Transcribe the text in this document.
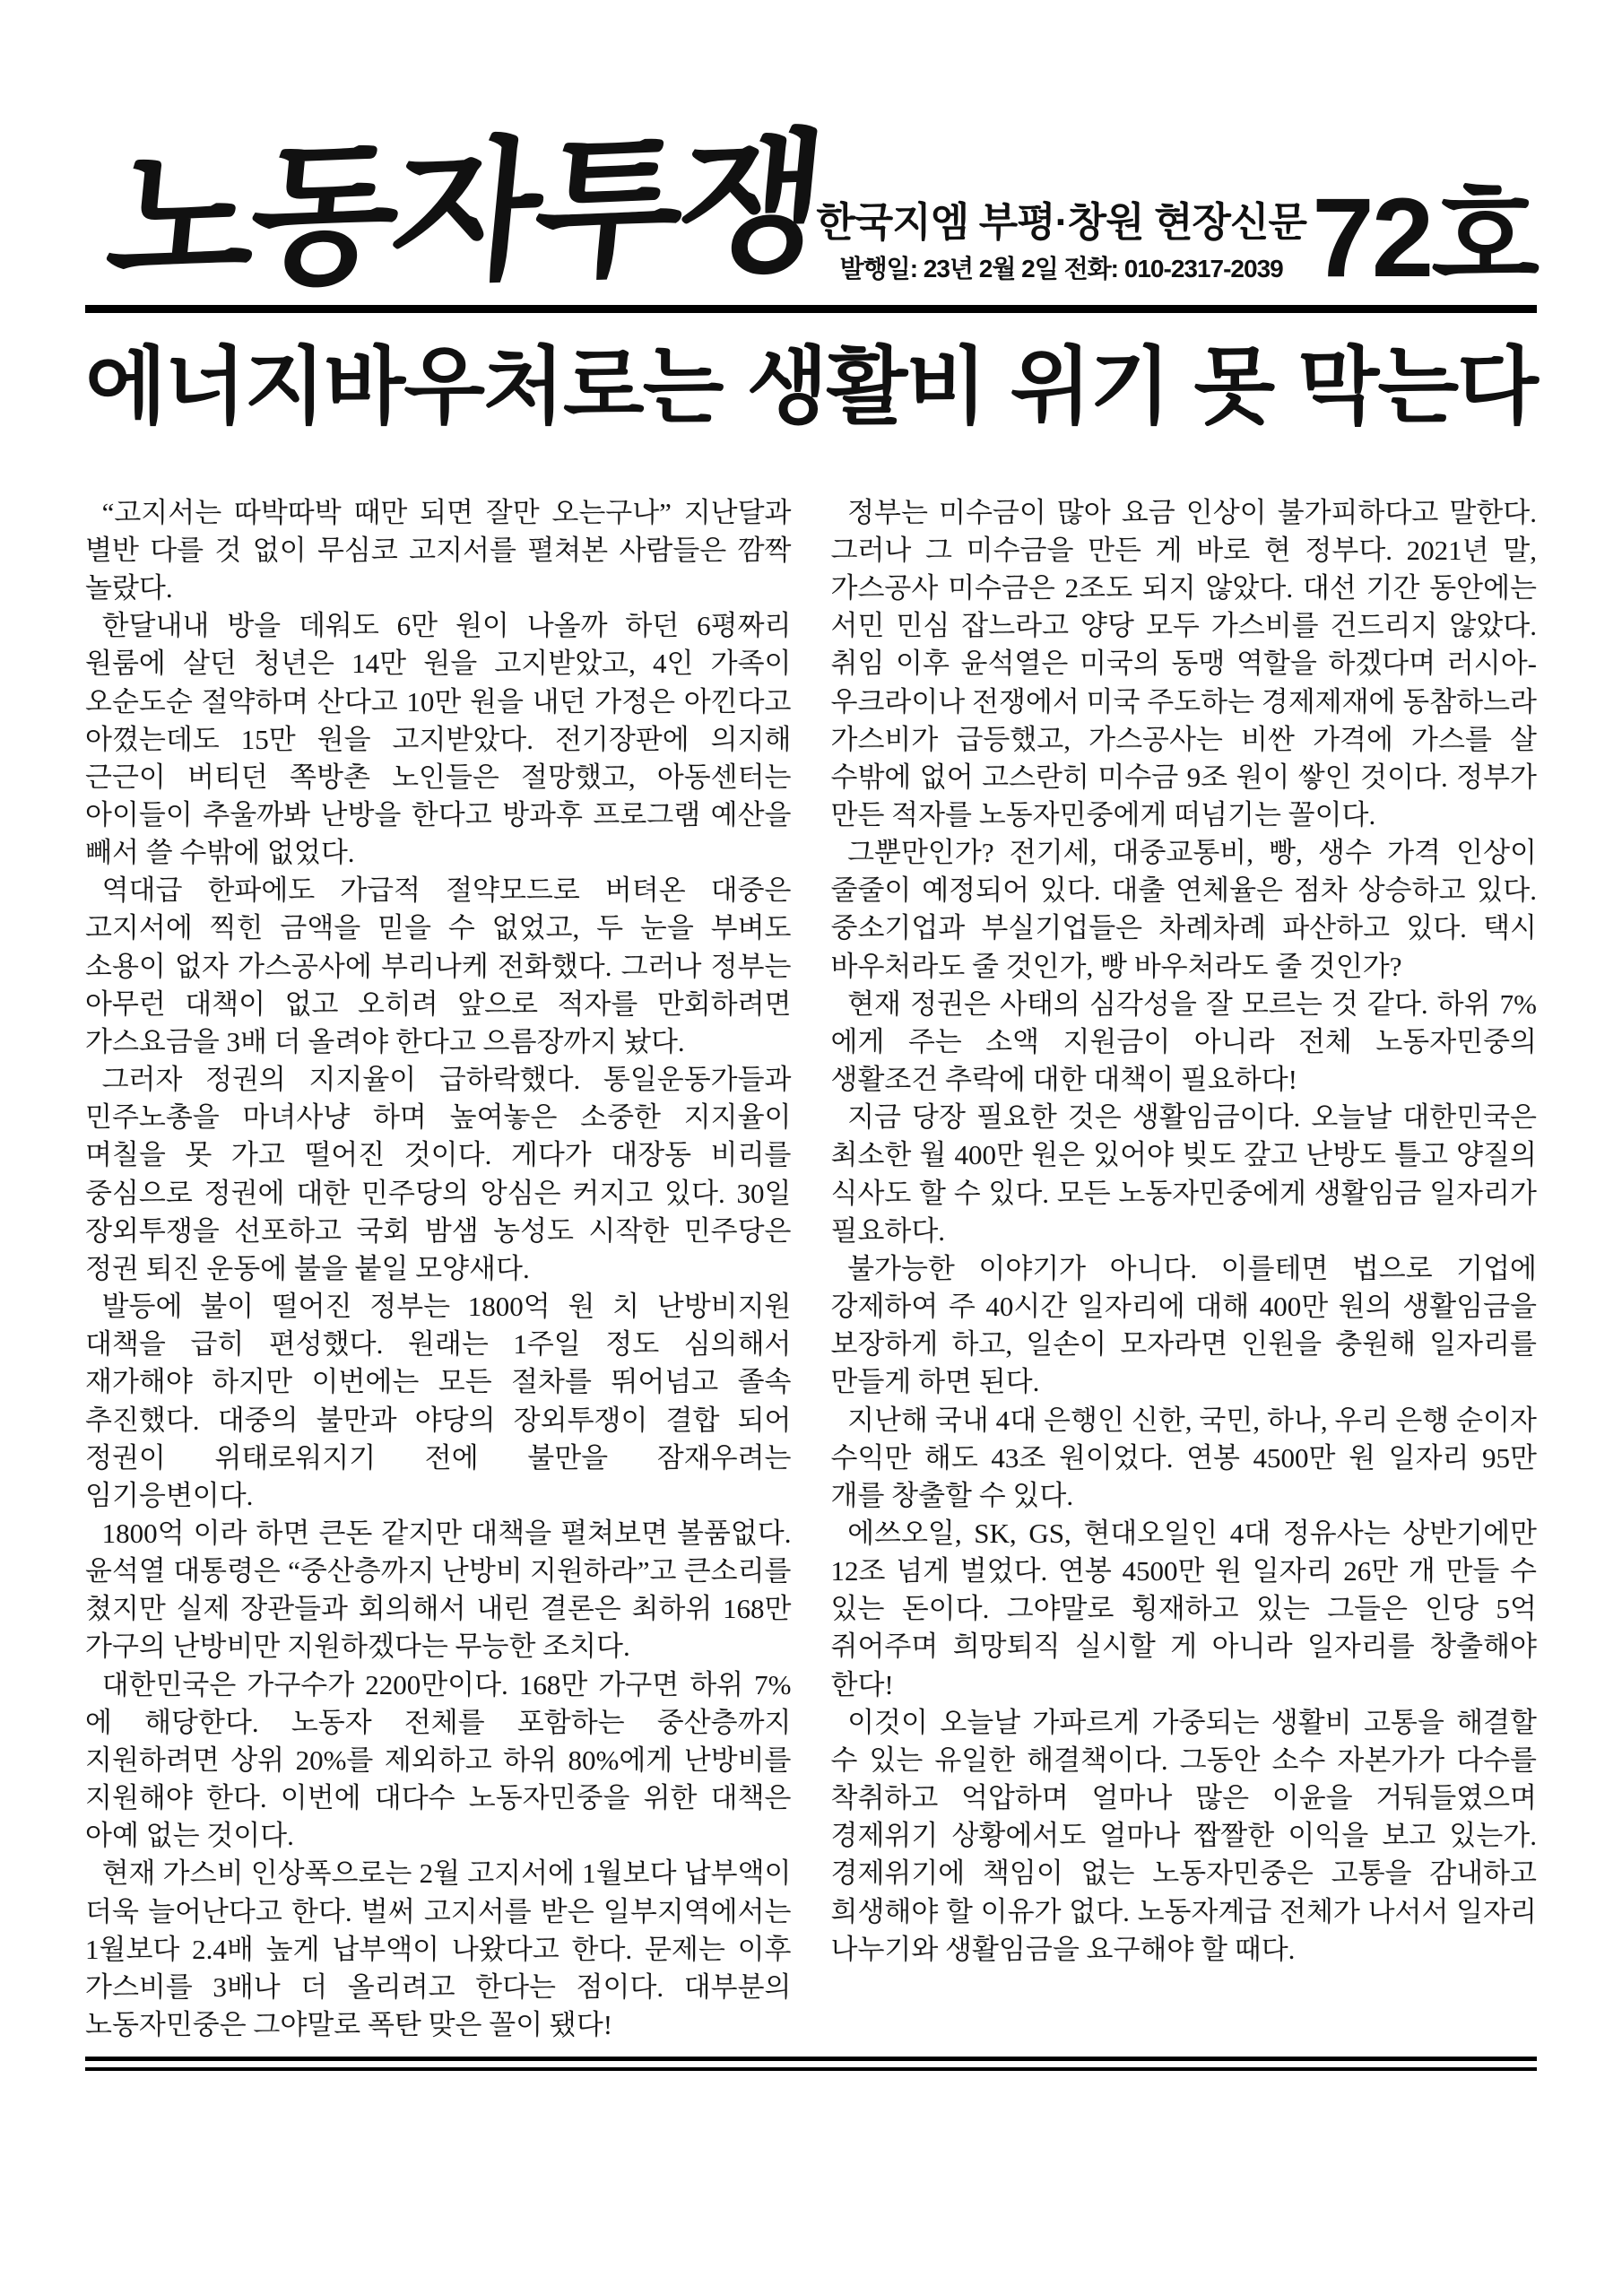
노동자투쟁
한국지엠 부평·창원 현장신문
발행일: 23년 2월 2일 전화: 010-2317-2039 72호
에너지바우처로는 생활비 위기 못 막는다

“고지서는 따박따박 때만 되면 잘만 오는구나” 지난달과 별반 다를 것 없이 무심코 고지서를 펼쳐본 사람들은 깜짝 놀랐다.

한달내내 방을 데워도 6만 원이 나올까 하던 6평짜리 원룸에 살던 청년은 14만 원을 고지받았고, 4인 가족이 오순도순 절약하며 산다고 10만 원을 내던 가정은 아낀다고 아꼈는데도 15만 원을 고지받았다. 전기장판에 의지해 근근이 버티던 쪽방촌 노인들은 절망했고, 아동센터는 아이들이 추울까봐 난방을 한다고 방과후 프로그램 예산을 빼서 쓸 수밖에 없었다.

역대급 한파에도 가급적 절약모드로 버텨온 대중은 고지서에 찍힌 금액을 믿을 수 없었고, 두 눈을 부벼도 소용이 없자 가스공사에 부리나케 전화했다. 그러나 정부는 아무런 대책이 없고 오히려 앞으로 적자를 만회하려면 가스요금을 3배 더 올려야 한다고 으름장까지 놨다.

그러자 정권의 지지율이 급하락했다. 통일운동가들과 민주노총을 마녀사냥 하며 높여놓은 소중한 지지율이 며칠을 못 가고 떨어진 것이다. 게다가 대장동 비리를 중심으로 정권에 대한 민주당의 앙심은 커지고 있다. 30일 장외투쟁을 선포하고 국회 밤샘 농성도 시작한 민주당은 정권 퇴진 운동에 불을 붙일 모양새다.

발등에 불이 떨어진 정부는 1800억 원 치 난방비지원 대책을 급히 편성했다. 원래는 1주일 정도 심의해서 재가해야 하지만 이번에는 모든 절차를 뛰어넘고 졸속 추진했다. 대중의 불만과 야당의 장외투쟁이 결합 되어 정권이 위태로워지기 전에 불만을 잠재우려는 임기응변이다.

1800억 이라 하면 큰돈 같지만 대책을 펼쳐보면 볼품없다. 윤석열 대통령은 “중산층까지 난방비 지원하라”고 큰소리를 쳤지만 실제 장관들과 회의해서 내린 결론은 최하위 168만 가구의 난방비만 지원하겠다는 무능한 조치다.

대한민국은 가구수가 2200만이다. 168만 가구면 하위 7%에 해당한다. 노동자 전체를 포함하는 중산층까지 지원하려면 상위 20%를 제외하고 하위 80%에게 난방비를 지원해야 한다. 이번에 대다수 노동자민중을 위한 대책은 아예 없는 것이다.

현재 가스비 인상폭으로는 2월 고지서에 1월보다 납부액이 더욱 늘어난다고 한다. 벌써 고지서를 받은 일부지역에서는 1월보다 2.4배 높게 납부액이 나왔다고 한다. 문제는 이후 가스비를 3배나 더 올리려고 한다는 점이다. 대부분의 노동자민중은 그야말로 폭탄 맞은 꼴이 됐다!

정부는 미수금이 많아 요금 인상이 불가피하다고 말한다. 그러나 그 미수금을 만든 게 바로 현 정부다. 2021년 말, 가스공사 미수금은 2조도 되지 않았다. 대선 기간 동안에는 서민 민심 잡느라고 양당 모두 가스비를 건드리지 않았다. 취임 이후 윤석열은 미국의 동맹 역할을 하겠다며 러시아-우크라이나 전쟁에서 미국 주도하는 경제제재에 동참하느라 가스비가 급등했고, 가스공사는 비싼 가격에 가스를 살 수밖에 없어 고스란히 미수금 9조 원이 쌓인 것이다. 정부가 만든 적자를 노동자민중에게 떠넘기는 꼴이다.

그뿐만인가? 전기세, 대중교통비, 빵, 생수 가격 인상이 줄줄이 예정되어 있다. 대출 연체율은 점차 상승하고 있다. 중소기업과 부실기업들은 차례차례 파산하고 있다. 택시 바우처라도 줄 것인가, 빵 바우처라도 줄 것인가?

현재 정권은 사태의 심각성을 잘 모르는 것 같다. 하위 7%에게 주는 소액 지원금이 아니라 전체 노동자민중의 생활조건 추락에 대한 대책이 필요하다!

지금 당장 필요한 것은 생활임금이다. 오늘날 대한민국은 최소한 월 400만 원은 있어야 빚도 갚고 난방도 틀고 양질의 식사도 할 수 있다. 모든 노동자민중에게 생활임금 일자리가 필요하다.

불가능한 이야기가 아니다. 이를테면 법으로 기업에 강제하여 주 40시간 일자리에 대해 400만 원의 생활임금을 보장하게 하고, 일손이 모자라면 인원을 충원해 일자리를 만들게 하면 된다.

지난해 국내 4대 은행인 신한, 국민, 하나, 우리 은행 순이자 수익만 해도 43조 원이었다. 연봉 4500만 원 일자리 95만 개를 창출할 수 있다.

에쓰오일, SK, GS, 현대오일인 4대 정유사는 상반기에만 12조 넘게 벌었다. 연봉 4500만 원 일자리 26만 개 만들 수 있는 돈이다. 그야말로 횡재하고 있는 그들은 인당 5억 쥐어주며 희망퇴직 실시할 게 아니라 일자리를 창출해야 한다!

이것이 오늘날 가파르게 가중되는 생활비 고통을 해결할 수 있는 유일한 해결책이다. 그동안 소수 자본가가 다수를 착취하고 억압하며 얼마나 많은 이윤을 거둬들였으며 경제위기 상황에서도 얼마나 짭짤한 이익을 보고 있는가. 경제위기에 책임이 없는 노동자민중은 고통을 감내하고 희생해야 할 이유가 없다. 노동자계급 전체가 나서서 일자리 나누기와 생활임금을 요구해야 할 때다.
